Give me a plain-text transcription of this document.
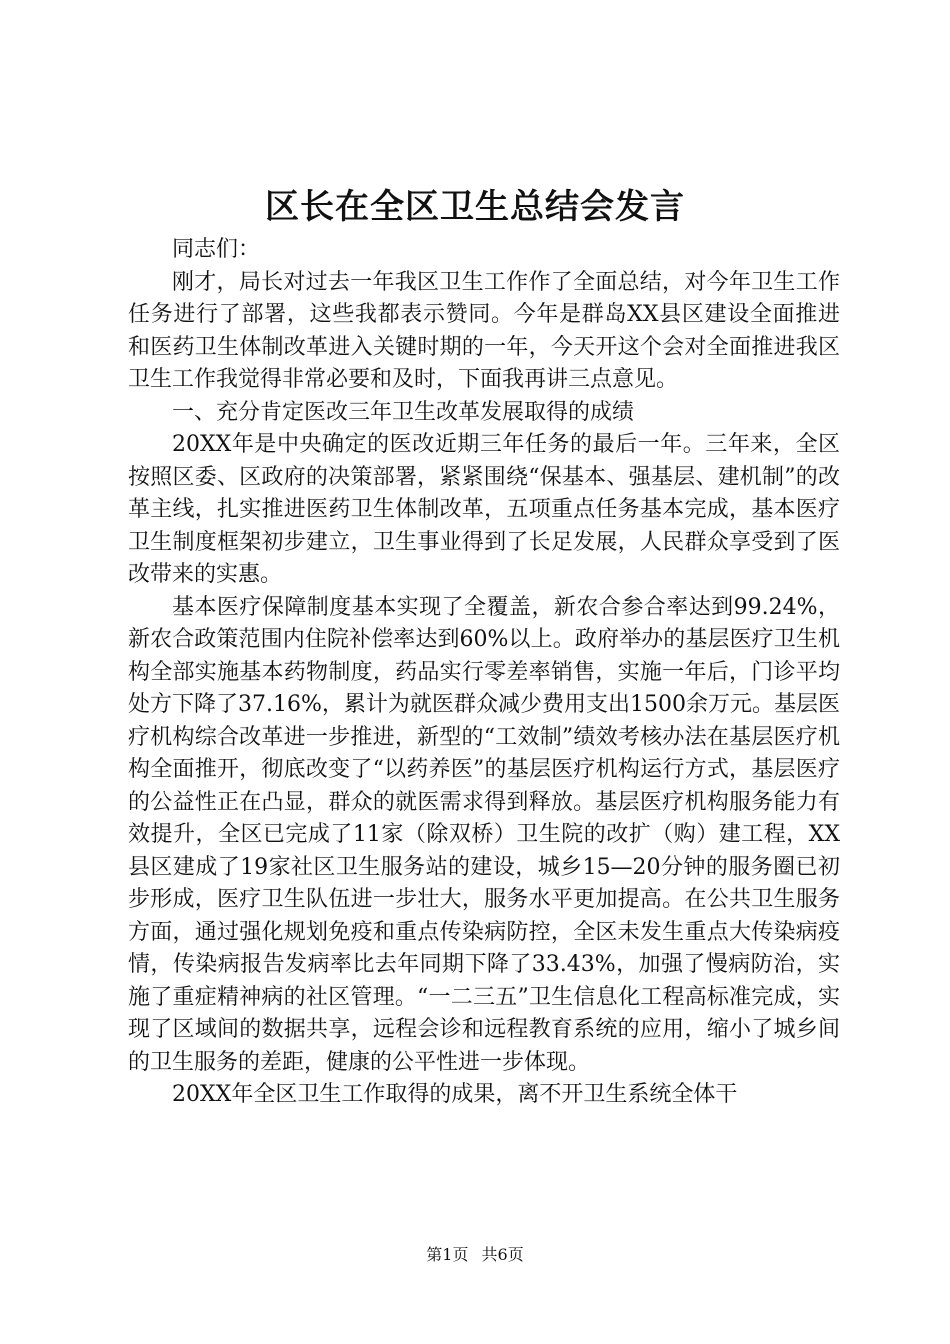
区长在全区卫生总结会发言

同志们：

刚才，局长对过去一年我区卫生工作作了全面总结，对今年卫生工作任务进行了部署，这些我都表示赞同。今年是群岛XX县区建设全面推进和医药卫生体制改革进入关键时期的一年，今天开这个会对全面推进我区卫生工作我觉得非常必要和及时，下面我再讲三点意见。

一、充分肯定医改三年卫生改革发展取得的成绩

20XX年是中央确定的医改近期三年任务的最后一年。三年来，全区按照区委、区政府的决策部署，紧紧围绕“保基本、强基层、建机制”的改革主线，扎实推进医药卫生体制改革，五项重点任务基本完成，基本医疗卫生制度框架初步建立，卫生事业得到了长足发展，人民群众享受到了医改带来的实惠。

基本医疗保障制度基本实现了全覆盖，新农合参合率达到99.24%，新农合政策范围内住院补偿率达到60%以上。政府举办的基层医疗卫生机构全部实施基本药物制度，药品实行零差率销售，实施一年后，门诊平均处方下降了37.16%，累计为就医群众减少费用支出1500余万元。基层医疗机构综合改革进一步推进，新型的“工效制”绩效考核办法在基层医疗机构全面推开，彻底改变了“以药养医”的基层医疗机构运行方式，基层医疗的公益性正在凸显，群众的就医需求得到释放。基层医疗机构服务能力有效提升，全区已完成了11家（除双桥）卫生院的改扩（购）建工程，XX县区建成了19家社区卫生服务站的建设，城乡15—20分钟的服务圈已初步形成，医疗卫生队伍进一步壮大，服务水平更加提高。在公共卫生服务方面，通过强化规划免疫和重点传染病防控，全区未发生重点大传染病疫情，传染病报告发病率比去年同期下降了33.43%，加强了慢病防治，实施了重症精神病的社区管理。“一二三五”卫生信息化工程高标准完成，实现了区域间的数据共享，远程会诊和远程教育系统的应用，缩小了城乡间的卫生服务的差距，健康的公平性进一步体现。

20XX年全区卫生工作取得的成果，离不开卫生系统全体干

第1页 共6页
